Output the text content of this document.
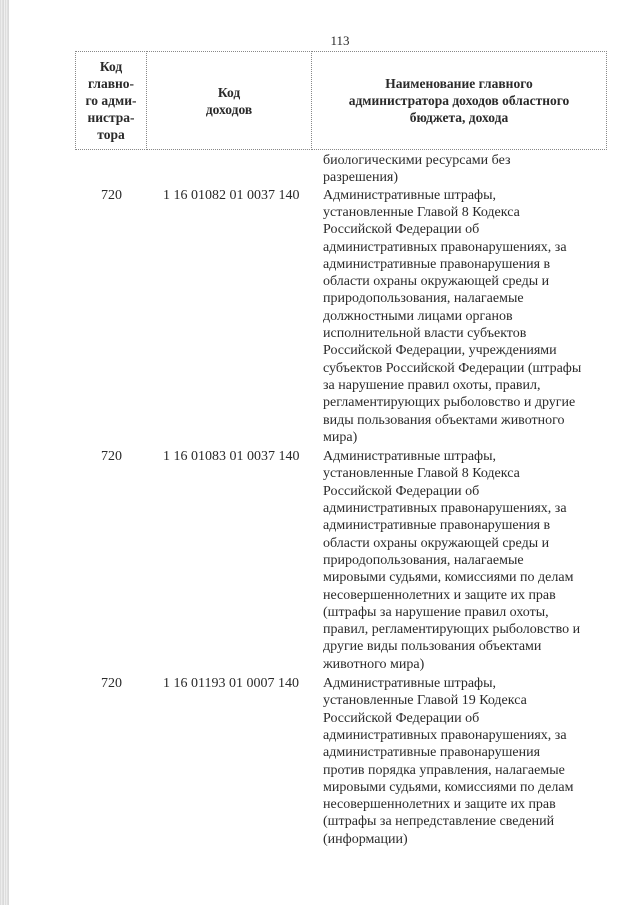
113
Код
главно-
го адми-
нистра-
тора

Код
доходов

Наименование главного
администратора доходов областного
бюджета, дохода
биологическими ресурсами без
разрешения)
720	1 16 01082 01 0037 140 Административные штрафы,
установленные Главой 8 Кодекса
Российской Федерации об
административных правонарушениях, за
административные правонарушения в
области охраны окружающей среды и
природопользования, налагаемые
должностными лицами органов
исполнительной власти субъектов
Российской Федерации, учреждениями
субъектов Российской Федерации (штрафы
за нарушение правил охоты, правил,
регламентирующих рыболовство и другие
виды пользования объектами животного
мира)
720	1 16 01083 01 0037 140 Административные штрафы,
установленные Главой 8 Кодекса
Российской Федерации об
административных правонарушениях, за
административные правонарушения в
области охраны окружающей среды и
природопользования, налагаемые
мировыми судьями, комиссиями по делам
несовершеннолетних и защите их прав
(штрафы за нарушение правил охоты,
правил, регламентирующих рыболовство и
другие виды пользования объектами
животного мира)
720	1 16 01193 01 0007 140 Административные штрафы,
установленные Главой 19 Кодекса
Российской Федерации об
административных правонарушениях, за
административные правонарушения
против порядка управления, налагаемые
мировыми судьями, комиссиями по делам
несовершеннолетних и защите их прав
(штрафы за непредставление сведений
(информации)
